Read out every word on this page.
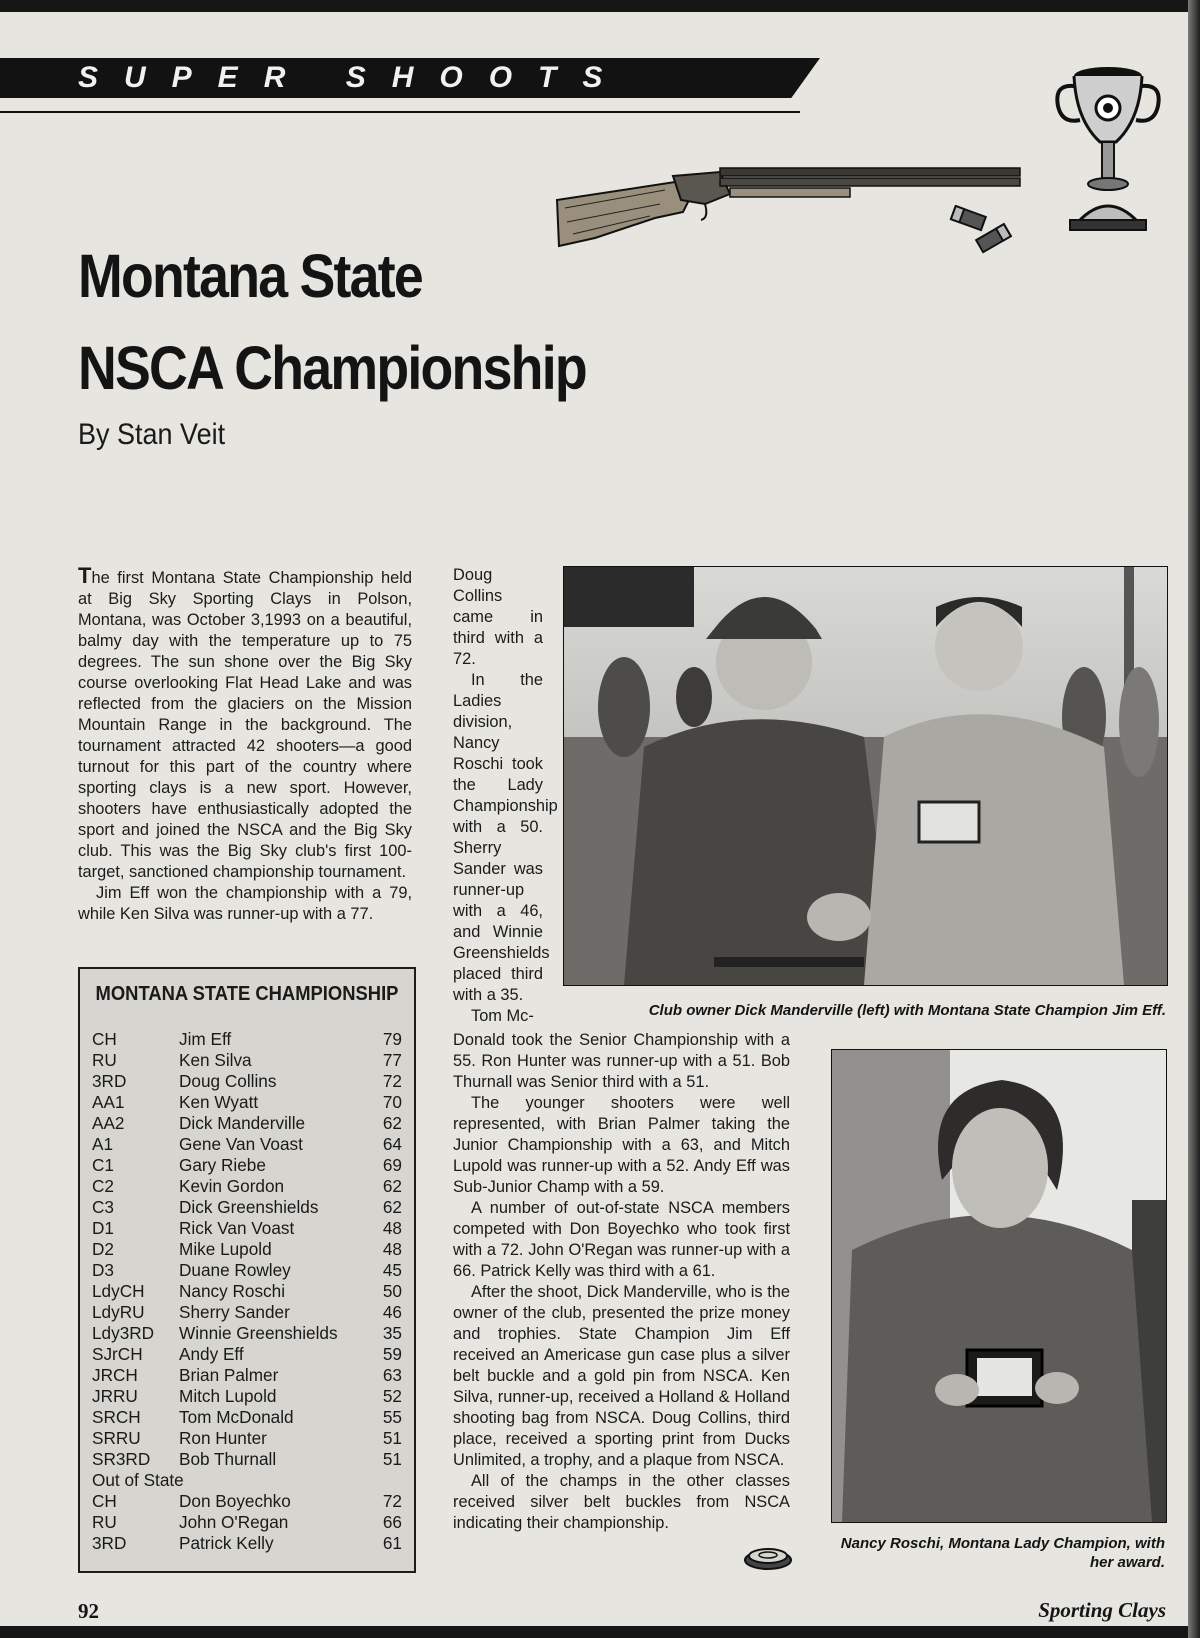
SUPER SHOOTS
Montana State
NSCA Championship
By Stan Veit

The first Montana State Championship held at Big Sky Sporting Clays in Polson, Montana, was October 3,1993 on a beautiful, balmy day with the temperature up to 75 degrees. The sun shone over the Big Sky course overlooking Flat Head Lake and was reflected from the glaciers on the Mission Mountain Range in the background. The tournament attracted 42 shooters—a good turnout for this part of the country where sporting clays is a new sport. However, shooters have enthusiastically adopted the sport and joined the NSCA and the Big Sky club. This was the Big Sky club's first 100-target, sanctioned championship tournament.

Jim Eff won the championship with a 79, while Ken Silva was runner-up with a 77.

MONTANA STATE CHAMPIONSHIP
CH	Jim Eff	79
RU	Ken Silva	77
3RD	Doug Collins	72
AA1	Ken Wyatt	70
AA2	Dick Manderville	62
A1	Gene Van Voast	64
C1	Gary Riebe	69
C2	Kevin Gordon	62
C3	Dick Greenshields	62
D1	Rick Van Voast	48
D2	Mike Lupold	48
D3	Duane Rowley	45
LdyCH Nancy Roschi	50
LdyRU Sherry Sander	46
Ldy3RD Winnie Greenshields	35
SJrCH Andy Eff	59
JRCH Brian Palmer	63
JRRU Mitch Lupold	52
SRCH Tom McDonald	55
SRRU Ron Hunter	51
SR3RD Bob Thurnall	51
Out of State
CH	Don Boyechko	72
RU	John O'Regan	66
3RD	Patrick Kelly	61

Doug Collins came in third with a 72.

In the Ladies division, Nancy Roschi took the Lady Championship with a 50. Sherry Sander was runner-up with a 46, and Winnie Greenshields placed third with a 35.

Tom Mc-

Donald took the Senior Championship with a 55. Ron Hunter was runner-up with a 51. Bob Thurnall was Senior third with a 51.

The younger shooters were well represented, with Brian Palmer taking the Junior Championship with a 63, and Mitch Lupold was runner-up with a 52. Andy Eff was Sub-Junior Champ with a 59.

A number of out-of-state NSCA members competed with Don Boyechko who took first with a 72. John O'Regan was runner-up with a 66. Patrick Kelly was third with a 61.

After the shoot, Dick Manderville, who is the owner of the club, presented the prize money and trophies. State Champion Jim Eff received an Americase gun case plus a silver belt buckle and a gold pin from NSCA. Ken Silva, runner-up, received a Holland & Holland shooting bag from NSCA. Doug Collins, third place, received a sporting print from Ducks Unlimited, a trophy, and a plaque from NSCA.

All of the champs in the other classes received silver belt buckles from NSCA indicating their championship.

Club owner Dick Manderville (left) with Montana State Champion Jim Eff.
Nancy Roschi, Montana Lady Champion, with her award.
92	Sporting Clays
